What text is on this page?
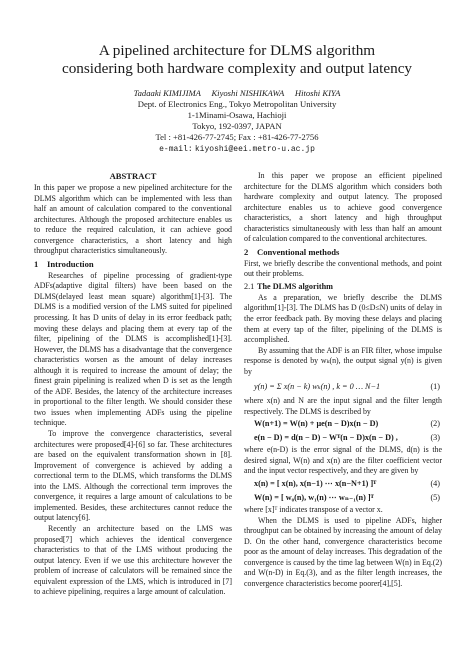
A pipelined architecture for DLMS algorithm
considering both hardware complexity and output latency
Tadaaki KIMIJIMA     Kiyoshi NISHIKAWA     Hitoshi KIYA
Dept. of Electronics Eng., Tokyo Metropolitan University
1-1Minami-Osawa, Hachioji
Tokyo, 192-0397, JAPAN
Tel : +81-426-77-2745; Fax : +81-426-77-2756
e-mail: kiyoshi@eei.metro-u.ac.jp
ABSTRACT

In this paper we propose a new pipelined architecture for the DLMS algorithm which can be implemented with less than half an amount of calculation compared to the conventional architectures. Although the proposed architecture enables us to reduce the required calculation, it can achieve good convergence characteristics, a short latency and high throughput characteristics simultaneously.

1 Introduction

Researches of pipeline processing of gradient-type ADFs(adaptive digital filters) have been based on the DLMS(delayed least mean square) algorithm[1]-[3]. The DLMS is a modified version of the LMS suited for pipelined processing. It has D units of delay in its error feedback path; moving these delays and placing them at every tap of the filter, pipelining of the DLMS is accomplished[1]-[3]. However, the DLMS has a disadvantage that the convergence characteristics worsen as the amount of delay increases although it is required to increase the amount of delay; the finest grain pipelining is realized when D is set as the length of the ADF. Besides, the latency of the architecture increases in proportional to the filter length. We should consider these two issues when implementing ADFs using the pipeline technique.

To improve the convergence characteristics, several architectures were proposed[4]-[6] so far. These architectures are based on the equivalent transformation shown in [8]. Improvement of convergence is achieved by adding a correctional term to the DLMS, which transforms the DLMS into the LMS. Although the correctional term improves the convergence, it requires a large amount of calculations to be implemented. Besides, these architectures cannot reduce the output latency[6].

Recently an architecture based on the LMS was proposed[7] which achieves the identical convergence characteristics to that of the LMS without producing the output latency. Even if we use this architecture however the problem of increase of calculators will be remained since the equivalent expression of the LMS, which is introduced in [7] to achieve pipelining, requires a large amount of calculation.

In this paper we propose an efficient pipelined architecture for the DLMS algorithm which considers both hardware complexity and output latency. The proposed architecture enables us to achieve good convergence characteristics, a short latency and high throughput characteristics simultaneously with less than half an amount of calculation compared to the conventional architectures.

2 Conventional methods

First, we briefly describe the conventional methods, and point out their problems.

2.1 The DLMS algorithm

As a preparation, we briefly describe the DLMS algorithm[1]-[3]. The DLMS has D (0≤D≤N) units of delay in the error feedback path. By moving these delays and placing them at every tap of the filter, pipelining of the DLMS is accomplished.

By assuming that the ADF is an FIR filter, whose impulse response is denoted by wₖ(n), the output signal y(n) is given by

y(n) = Σ x(n − k) wₖ(n) , k = 0 … N−1	(1)

where x(n) and N are the input signal and the filter length respectively. The DLMS is described by

W(n+1) = W(n) + μe(n − D)x(n − D)	(2)
e(n − D) = d(n − D) − Wᵀ(n − D)x(n − D) ,	(3)

where e(n-D) is the error signal of the DLMS, d(n) is the desired signal, W(n) and x(n) are the filter coefficient vector and the input vector respectively, and they are given by

x(n) = [ x(n), x(n−1) ⋯ x(n−N+1) ]ᵀ	(4)
W(n) = [ w₀(n), w₁(n) ⋯ wₙ₋₁(n) ]ᵀ	(5)

where [x]ᵀ indicates transpose of a vector x.

When the DLMS is used to pipeline ADFs, higher throughput can be obtained by increasing the amount of delay D. On the other hand, convergence characteristics become poor as the amount of delay increases. This degradation of the convergence is caused by the time lag between W(n) in Eq.(2) and W(n-D) in Eq.(3), and as the filter length increases, the convergence characteristics become poorer[4],[5].
